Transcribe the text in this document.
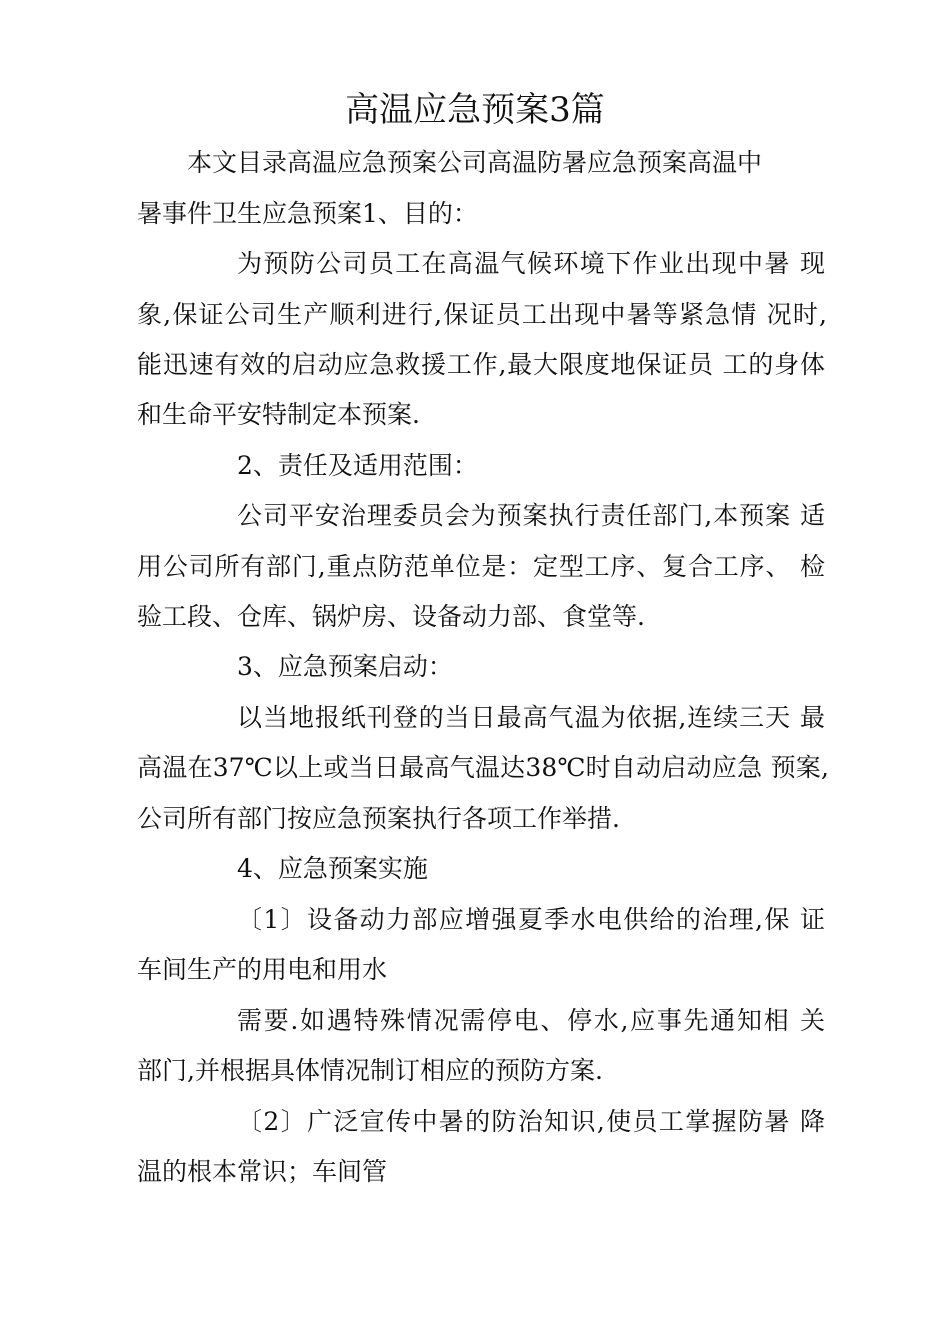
高温应急预案3篇
本文目录高温应急预案公司高温防暑应急预案高温中
暑事件卫生应急预案1、目的：
为预防公司员工在高温气候环境下作业出现中暑 现
象,保证公司生产顺利进行,保证员工出现中暑等紧急情 况时,
能迅速有效的启动应急救援工作,最大限度地保证员 工的身体
和生命平安特制定本预案.
2、责任及适用范围：
公司平安治理委员会为预案执行责任部门,本预案 适
用公司所有部门,重点防范单位是：定型工序、复合工序、 检
验工段、仓库、锅炉房、设备动力部、食堂等.
3、应急预案启动：
以当地报纸刊登的当日最高气温为依据,连续三天 最
高温在37℃以上或当日最高气温达38℃时自动启动应急 预案,
公司所有部门按应急预案执行各项工作举措.
4、应急预案实施
〔1〕设备动力部应增强夏季水电供给的治理,保 证
车间生产的用电和用水
需要.如遇特殊情况需停电、停水,应事先通知相 关
部门,并根据具体情况制订相应的预防方案.
〔2〕广泛宣传中暑的防治知识,使员工掌握防暑 降
温的根本常识；车间管
